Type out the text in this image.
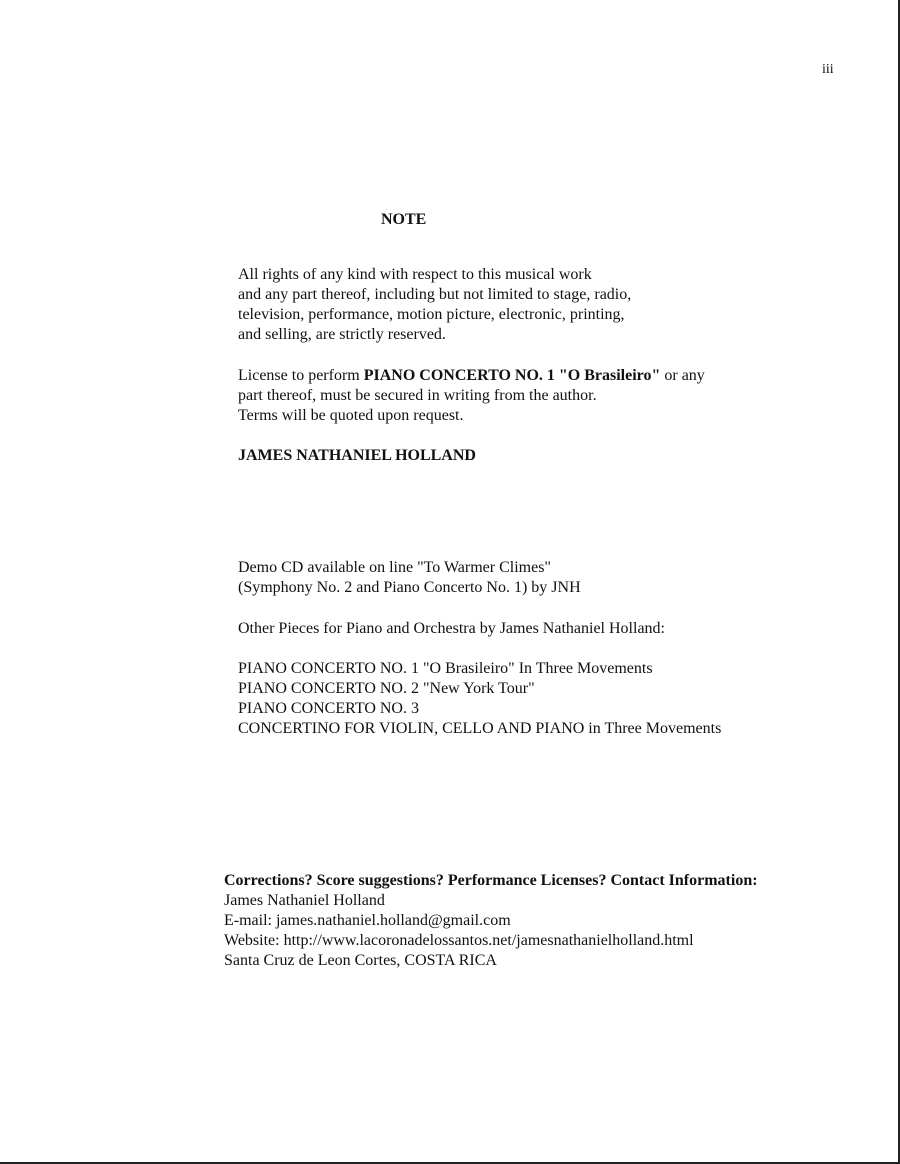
iii
NOTE
All rights of any kind with respect to this musical work
and any part thereof, including but not limited to stage, radio,
television, performance, motion picture, electronic, printing,
and selling, are strictly reserved.
License to perform PIANO CONCERTO NO. 1 "O Brasileiro" or any
part thereof, must be secured in writing from the author.
Terms will be quoted upon request.
JAMES NATHANIEL HOLLAND
Demo CD available on line "To Warmer Climes"
(Symphony No. 2 and Piano Concerto No. 1) by JNH
Other Pieces for Piano and Orchestra by James Nathaniel Holland:
PIANO CONCERTO NO. 1 "O Brasileiro" In Three Movements
PIANO CONCERTO NO. 2 "New York Tour"
PIANO CONCERTO NO. 3
CONCERTINO FOR VIOLIN, CELLO AND PIANO in Three Movements
Corrections? Score suggestions? Performance Licenses? Contact Information:
James Nathaniel Holland
E-mail: james.nathaniel.holland@gmail.com
Website: http://www.lacoronadelossantos.net/jamesnathanielholland.html
Santa Cruz de Leon Cortes, COSTA RICA
